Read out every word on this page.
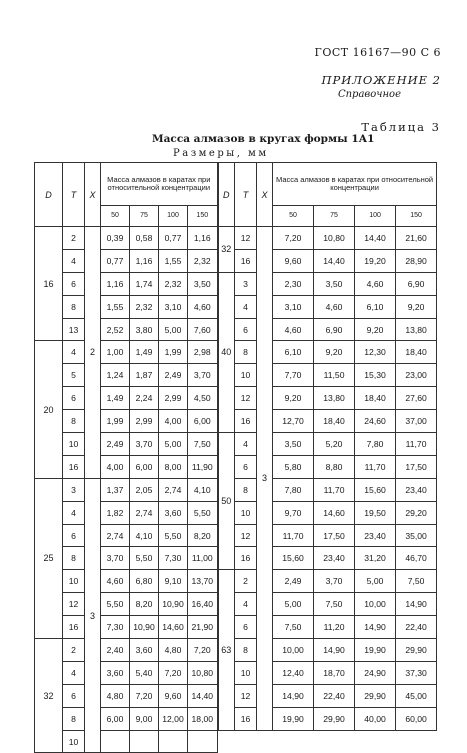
ГОСТ 16167—90 С 6
ПРИЛОЖЕНИЕ 2
Справочное
Таблица 3
Масса алмазов в кругах формы 1А1
Размеры, мм
D	T	X	Масса алмазов в каратах при относительной концентрации				D	T	X	Масса алмазов в каратах при относительной концентрации			
			50	75	100	150				50	75	100	150
16	2	2	0,39	0,58	0,77	1,16	32	12	3	7,20	10,80	14,40	21,60
	4		0,77	1,16	1,55	2,32		16		9,60	14,40	19,20	28,90
	6		1,16	1,74	2,32	3,50	40	3		2,30	3,50	4,60	6,90
	8		1,55	2,32	3,10	4,60		4		3,10	4,60	6,10	9,20
	13		2,52	3,80	5,00	7,60		6		4,60	6,90	9,20	13,80
20	4		1,00	1,49	1,99	2,98		8		6,10	9,20	12,30	18,40
	5		1,24	1,87	2,49	3,70		10		7,70	11,50	15,30	23,00
	6		1,49	2,24	2,99	4,50		12		9,20	13,80	18,40	27,60
	8		1,99	2,99	4,00	6,00		16		12,70	18,40	24,60	37,00
	10		2,49	3,70	5,00	7,50	50	4		3,50	5,20	7,80	11,70
	16		4,00	6,00	8,00	11,90		6		5,80	8,80	11,70	17,50
25	3	3	1,37	2,05	2,74	4,10		8		7,80	11,70	15,60	23,40
	4		1,82	2,74	3,60	5,50		10		9,70	14,60	19,50	29,20
	6		2,74	4,10	5,50	8,20		12		11,70	17,50	23,40	35,00
	8		3,70	5,50	7,30	11,00		16		15,60	23,40	31,20	46,70
	10		4,60	6,80	9,10	13,70	63	2		2,49	3,70	5,00	7,50
	12		5,50	8,20	10,90	16,40		4		5,00	7,50	10,00	14,90
	16		7,30	10,90	14,60	21,90		6		7,50	11,20	14,90	22,40
32	2		2,40	3,60	4,80	7,20		8		10,00	14,90	19,90	29,90
	4		3,60	5,40	7,20	10,80		10		12,40	18,70	24,90	37,30
	6		4,80	7,20	9,60	14,40		12		14,90	22,40	29,90	45,00
	8		6,00	9,00	12,00	18,00		16		19,90	29,90	40,00	60,00
	10												
